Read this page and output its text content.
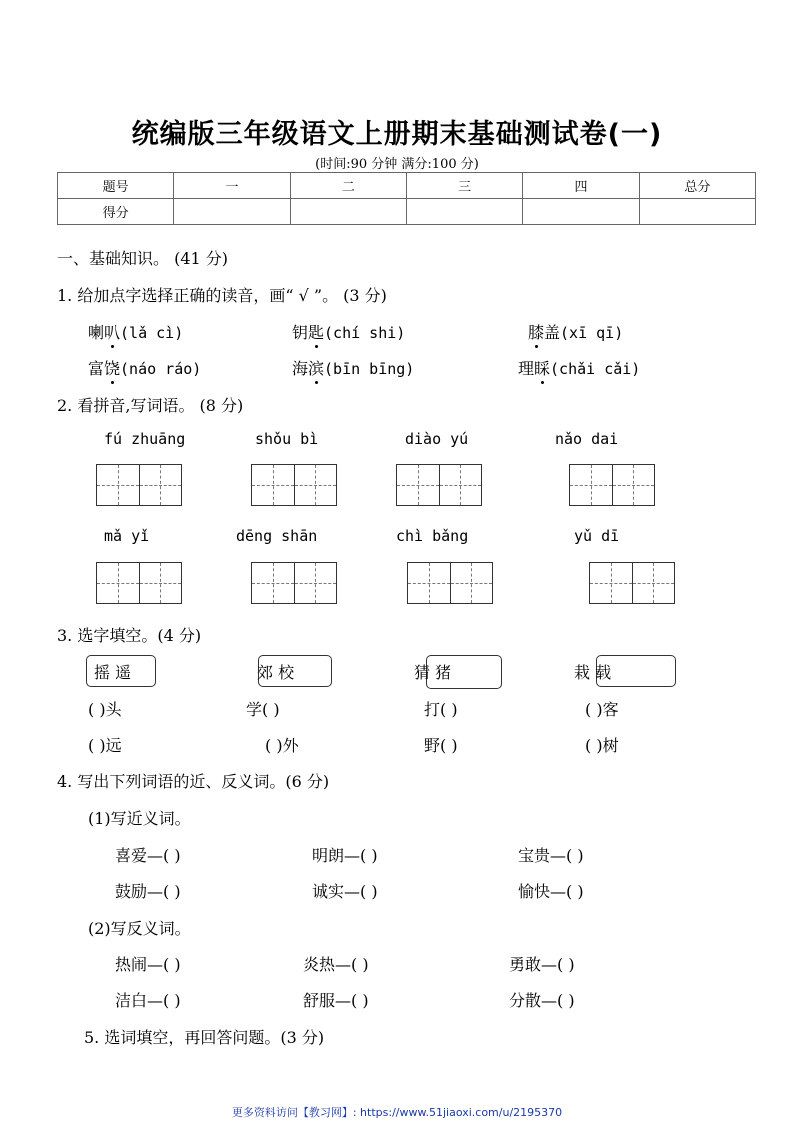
统编版三年级语文上册期末基础测试卷(一)
(时间:90 分钟 满分:100 分)
题号	一	二	三	四	总分
得分					
一、基础知识。 (41 分)
1. 给加点字选择正确的读音，画“ √ ”。 (3 分)
喇叭(lǎ cì)	钥匙(chí shi)	膝盖(xī qī)
富饶(náo ráo)	海滨(bīn bīng)	理睬(chǎi cǎi)
2. 看拼音,写词语。 (8 分)
fú zhuāng	shǒu bì	diào yú	nǎo dai
mǎ yǐ	dēng shān	chì bǎng	yǔ dī
3. 选字填空。(4 分)
摇 遥	郊 校	猜 猪	栽 载
( )头	学( )	打( )	( )客
( )远	( )外	野( )	( )树
4. 写出下列词语的近、反义词。(6 分)
(1)写近义词。
喜爱—( )	明朗—( )	宝贵—( )
鼓励—( )	诚实—( )	愉快—( )
(2)写反义词。
热闹—( )	炎热—( )	勇敢—( )
洁白—( )	舒服—( )	分散—( )
5. 选词填空，再回答问题。(3 分)
更多资料访问【教习网】: https://www.51jiaoxi.com/u/2195370
